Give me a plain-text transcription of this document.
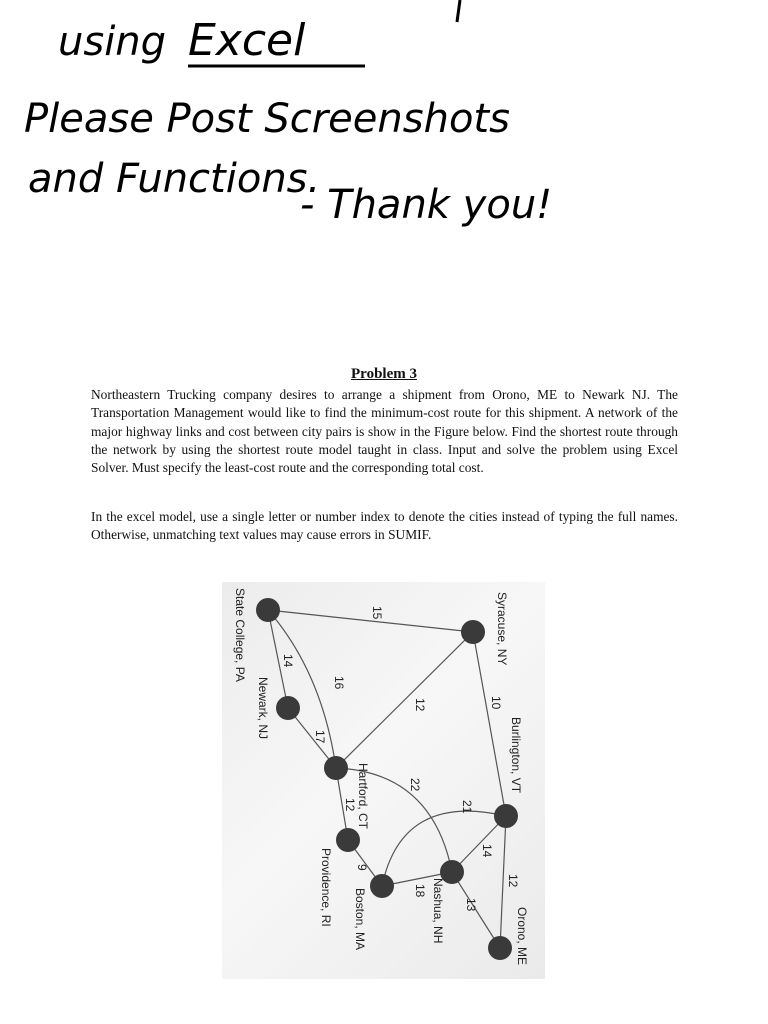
using Excel
Please Post Screenshots
and Functions.
- Thank you!
Problem 3

Northeastern Trucking company desires to arrange a shipment from Orono, ME to Newark NJ. The Transportation Management would like to find the minimum-cost route for this shipment. A network of the major highway links and cost between city pairs is show in the Figure below. Find the shortest route through the network by using the shortest route model taught in class. Input and solve the problem using Excel Solver. Must specify the least-cost route and the corresponding total cost.

In the excel model, use a single letter or number index to denote the cities instead of typing the full names. Otherwise, unmatching text values may cause errors in SUMIF.

State College, PA
Newark, NJ
Syracuse, NY
Burlington, VT
Hartford, CT
Providence, RI Boston, MA	Nashua, NH	Orono, ME
15
14
16
17
12	10
22
12	21
14
12
9
18
13
